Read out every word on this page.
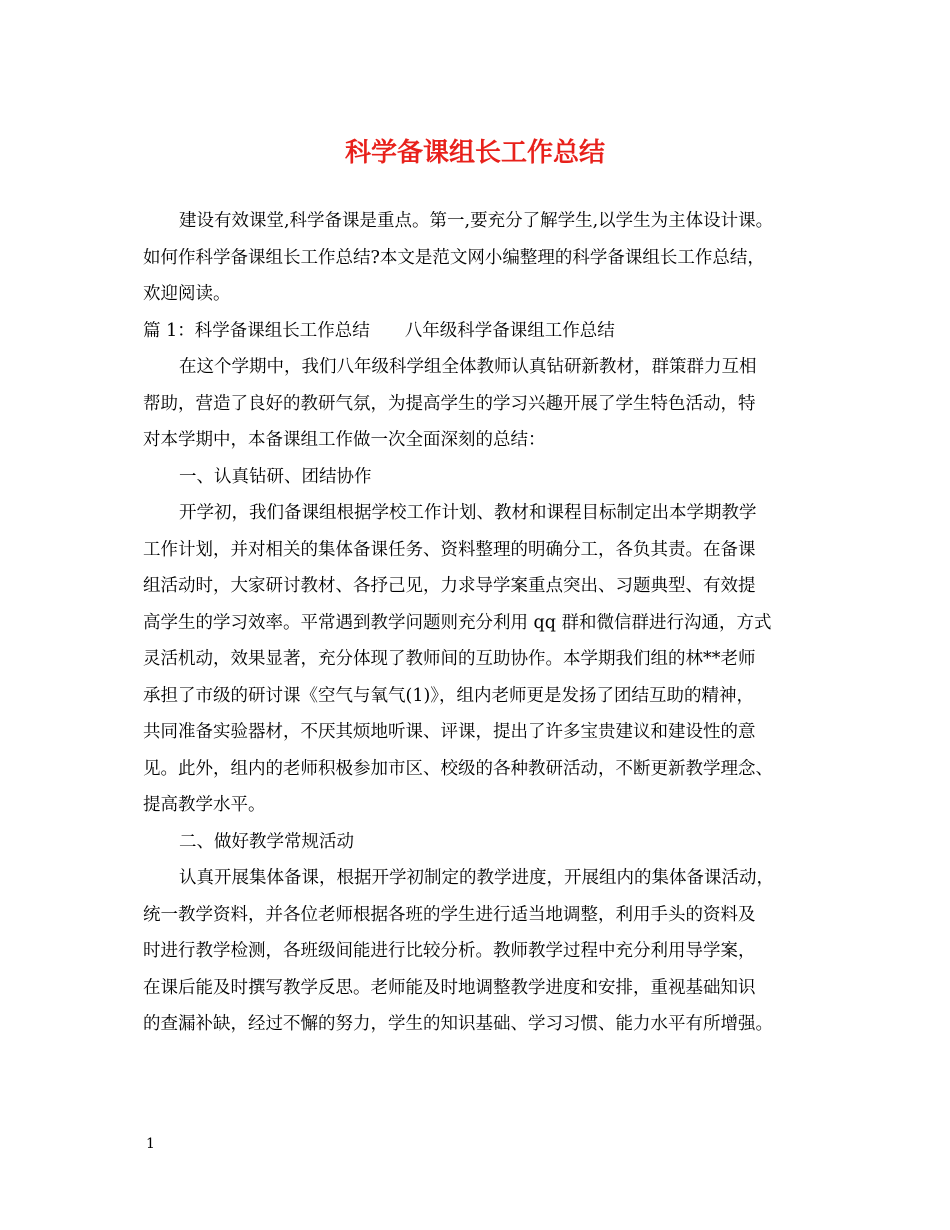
科学备课组长工作总结
建设有效课堂,科学备课是重点。第一,要充分了解学生,以学生为主体设计课。
如何作科学备课组长工作总结?本文是范文网小编整理的科学备课组长工作总结，
欢迎阅读。
篇 1：科学备课组长工作总结　　八年级科学备课组工作总结
在这个学期中，我们八年级科学组全体教师认真钻研新教材，群策群力互相
帮助，营造了良好的教研气氛，为提高学生的学习兴趣开展了学生特色活动，特
对本学期中，本备课组工作做一次全面深刻的总结：
一、认真钻研、团结协作
开学初，我们备课组根据学校工作计划、教材和课程目标制定出本学期教学
工作计划，并对相关的集体备课任务、资料整理的明确分工，各负其责。在备课
组活动时，大家研讨教材、各抒己见，力求导学案重点突出、习题典型、有效提
高学生的学习效率。平常遇到教学问题则充分利用 qq 群和微信群进行沟通，方式
灵活机动，效果显著，充分体现了教师间的互助协作。本学期我们组的林**老师
承担了市级的研讨课《空气与氧气(1)》，组内老师更是发扬了团结互助的精神，
共同准备实验器材，不厌其烦地听课、评课，提出了许多宝贵建议和建设性的意
见。此外，组内的老师积极参加市区、校级的各种教研活动，不断更新教学理念、
提高教学水平。
二、做好教学常规活动
认真开展集体备课，根据开学初制定的教学进度，开展组内的集体备课活动，
统一教学资料，并各位老师根据各班的学生进行适当地调整，利用手头的资料及
时进行教学检测，各班级间能进行比较分析。教师教学过程中充分利用导学案，
在课后能及时撰写教学反思。老师能及时地调整教学进度和安排，重视基础知识
的查漏补缺，经过不懈的努力，学生的知识基础、学习习惯、能力水平有所增强。
1
